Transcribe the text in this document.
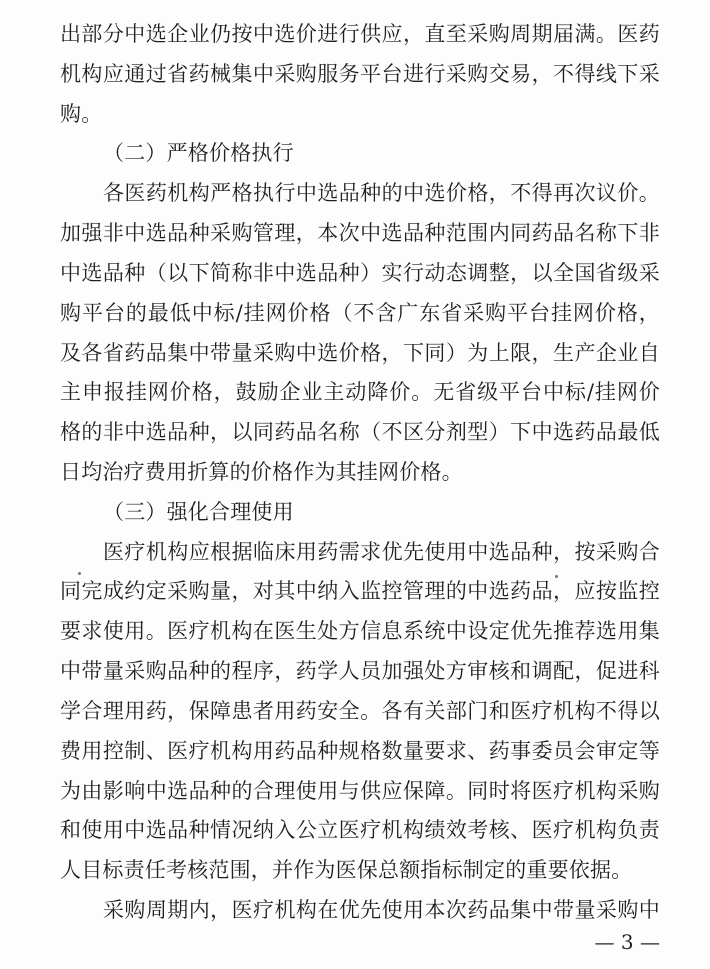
出部分中选企业仍按中选价进行供应，直至采购周期届满。医药
机构应通过省药械集中采购服务平台进行采购交易，不得线下采
购。
（二）严格价格执行
各医药机构严格执行中选品种的中选价格，不得再次议价。
加强非中选品种采购管理，本次中选品种范围内同药品名称下非
中选品种（以下简称非中选品种）实行动态调整，以全国省级采
购平台的最低中标/挂网价格（不含广东省采购平台挂网价格，
及各省药品集中带量采购中选价格，下同）为上限，生产企业自
主申报挂网价格，鼓励企业主动降价。无省级平台中标/挂网价
格的非中选品种，以同药品名称（不区分剂型）下中选药品最低
日均治疗费用折算的价格作为其挂网价格。
（三）强化合理使用
医疗机构应根据临床用药需求优先使用中选品种，按采购合
同完成约定采购量，对其中纳入监控管理的中选药品，应按监控
要求使用。医疗机构在医生处方信息系统中设定优先推荐选用集
中带量采购品种的程序，药学人员加强处方审核和调配，促进科
学合理用药，保障患者用药安全。各有关部门和医疗机构不得以
费用控制、医疗机构用药品种规格数量要求、药事委员会审定等
为由影响中选品种的合理使用与供应保障。同时将医疗机构采购
和使用中选品种情况纳入公立医疗机构绩效考核、医疗机构负责
人目标责任考核范围，并作为医保总额指标制定的重要依据。
采购周期内，医疗机构在优先使用本次药品集中带量采购中
— 3 —
